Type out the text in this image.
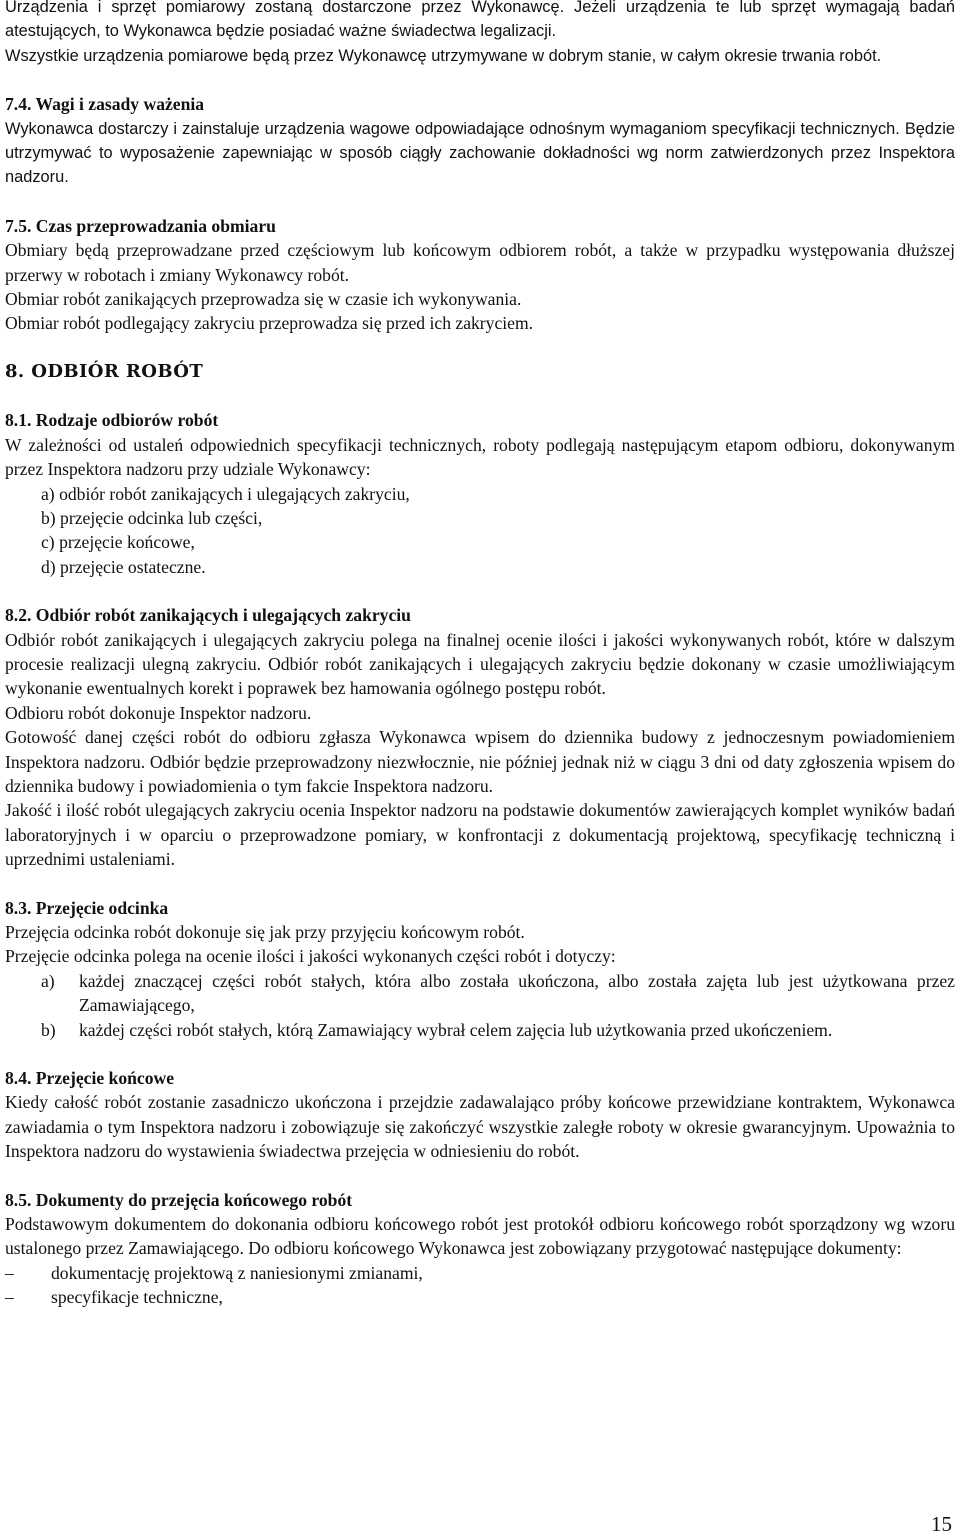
Urządzenia i sprzęt pomiarowy zostaną dostarczone przez Wykonawcę. Jeżeli urządzenia te lub sprzęt wymagają badań atestujących, to Wykonawca będzie posiadać ważne świadectwa legalizacji.

Wszystkie urządzenia pomiarowe będą przez Wykonawcę utrzymywane w dobrym stanie, w całym okresie trwania robót.

7.4. Wagi i zasady ważenia

Wykonawca dostarczy i zainstaluje urządzenia wagowe odpowiadające odnośnym wymaganiom specyfikacji technicznych. Będzie utrzymywać to wyposażenie zapewniając w sposób ciągły zachowanie dokładności wg norm zatwierdzonych przez Inspektora nadzoru.

7.5. Czas przeprowadzania obmiaru

Obmiary będą przeprowadzane przed częściowym lub końcowym odbiorem robót, a także w przypadku występowania dłuższej przerwy w robotach i zmiany Wykonawcy robót.

Obmiar robót zanikających przeprowadza się w czasie ich wykonywania.

Obmiar robót podlegający zakryciu przeprowadza się przed ich zakryciem.

8. ODBIÓR ROBÓT

8.1. Rodzaje odbiorów robót

W zależności od ustaleń odpowiednich specyfikacji technicznych, roboty podlegają następującym etapom odbioru, dokonywanym przez Inspektora nadzoru przy udziale Wykonawcy:

a) odbiór robót zanikających i ulegających zakryciu,

b) przejęcie odcinka lub części,

c) przejęcie końcowe,

d) przejęcie ostateczne.

8.2. Odbiór robót zanikających i ulegających zakryciu

Odbiór robót zanikających i ulegających zakryciu polega na finalnej ocenie ilości i jakości wykonywanych robót, które w dalszym procesie realizacji ulegną zakryciu. Odbiór robót zanikających i ulegających zakryciu będzie dokonany w czasie umożliwiającym wykonanie ewentualnych korekt i poprawek bez hamowania ogólnego postępu robót.

Odbioru robót dokonuje Inspektor nadzoru.

Gotowość danej części robót do odbioru zgłasza Wykonawca wpisem do dziennika budowy z jednoczesnym powiadomieniem Inspektora nadzoru. Odbiór będzie przeprowadzony niezwłocznie, nie później jednak niż w ciągu 3 dni od daty zgłoszenia wpisem do dziennika budowy i powiadomienia o tym fakcie Inspektora nadzoru.

Jakość i ilość robót ulegających zakryciu ocenia Inspektor nadzoru na podstawie dokumentów zawierających komplet wyników badań laboratoryjnych i w oparciu o przeprowadzone pomiary, w konfrontacji z dokumentacją projektową, specyfikację techniczną i uprzednimi ustaleniami.

8.3. Przejęcie odcinka

Przejęcia odcinka robót dokonuje się jak przy przyjęciu końcowym robót.

Przejęcie odcinka polega na ocenie ilości i jakości wykonanych części robót i dotyczy:

a)	każdej znaczącej części robót stałych, która albo została ukończona, albo została zajęta lub jest użytkowana przez Zamawiającego,
b)	każdej części robót stałych, którą Zamawiający wybrał celem zajęcia lub użytkowania przed ukończeniem.

8.4. Przejęcie końcowe

Kiedy całość robót zostanie zasadniczo ukończona i przejdzie zadawalająco próby końcowe przewidziane kontraktem, Wykonawca zawiadamia o tym Inspektora nadzoru i zobowiązuje się zakończyć wszystkie zaległe roboty w okresie gwarancyjnym. Upoważnia to Inspektora nadzoru do wystawienia świadectwa przejęcia w odniesieniu do robót.

8.5. Dokumenty do przejęcia końcowego robót

Podstawowym dokumentem do dokonania odbioru końcowego robót jest protokół odbioru końcowego robót sporządzony wg wzoru ustalonego przez Zamawiającego. Do odbioru końcowego Wykonawca jest zobowiązany przygotować następujące dokumenty:

–	dokumentację projektową z naniesionymi zmianami,
–	specyfikacje techniczne,
15
